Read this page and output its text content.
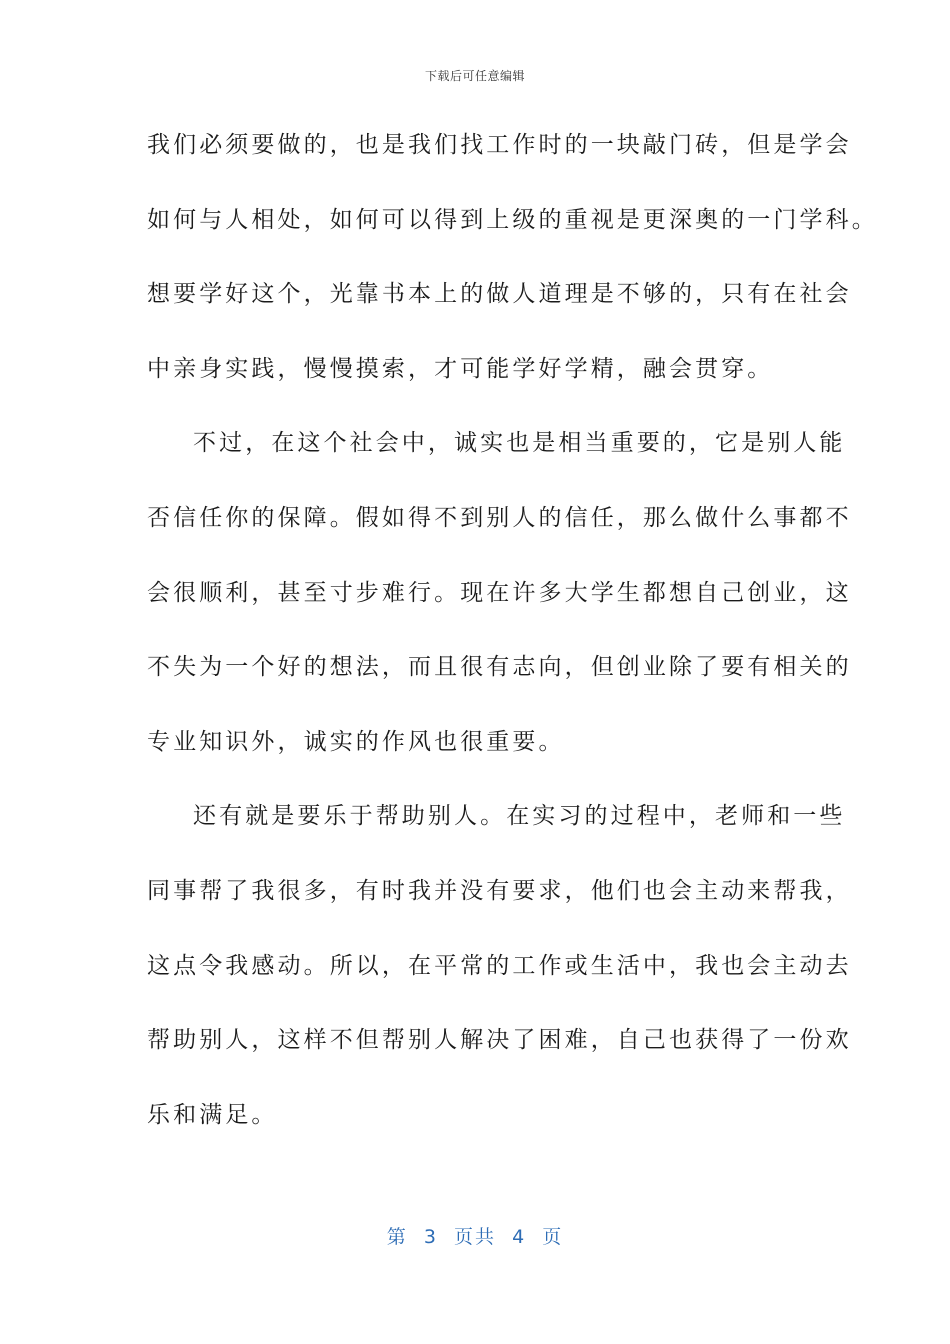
下载后可任意编辑
我们必须要做的，也是我们找工作时的一块敲门砖，但是学会
如何与人相处，如何可以得到上级的重视是更深奥的一门学科。
想要学好这个，光靠书本上的做人道理是不够的，只有在社会
中亲身实践，慢慢摸索，才可能学好学精，融会贯穿。
不过，在这个社会中，诚实也是相当重要的，它是别人能
否信任你的保障。假如得不到别人的信任，那么做什么事都不
会很顺利，甚至寸步难行。现在许多大学生都想自己创业，这
不失为一个好的想法，而且很有志向，但创业除了要有相关的
专业知识外，诚实的作风也很重要。
还有就是要乐于帮助别人。在实习的过程中，老师和一些
同事帮了我很多，有时我并没有要求，他们也会主动来帮我，
这点令我感动。所以，在平常的工作或生活中，我也会主动去
帮助别人，这样不但帮别人解决了困难，自己也获得了一份欢
乐和满足。
第  3  页共  4  页
